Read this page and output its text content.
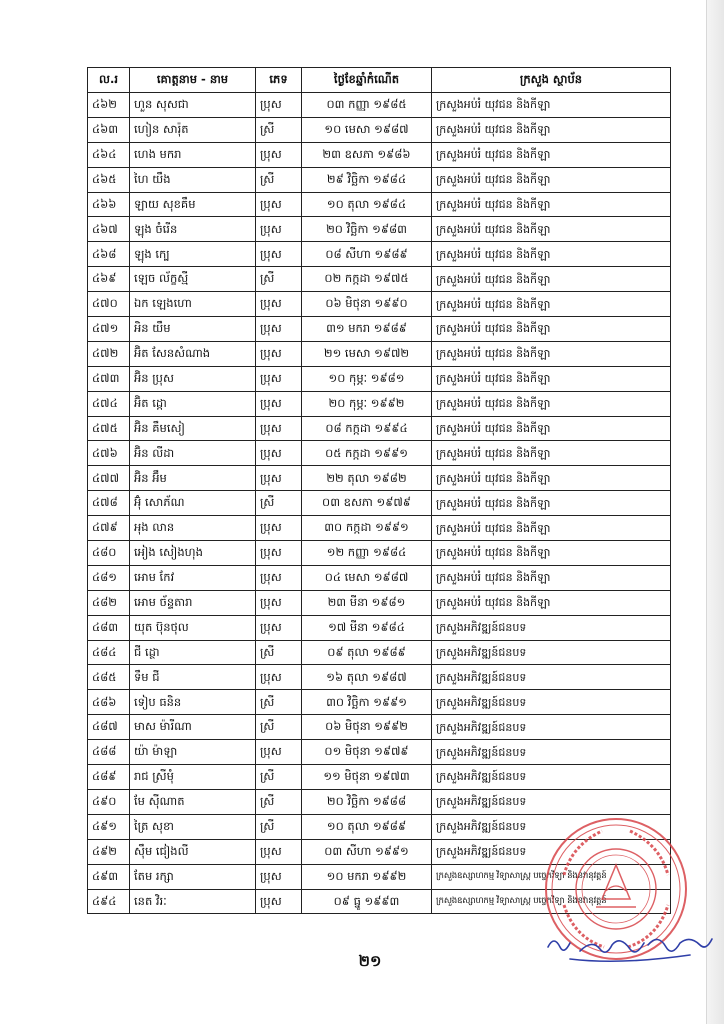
ល.រ	គោត្តនាម - នាម	ភេទ	ថ្ងៃខែឆ្នាំកំណើត	ក្រសួង ស្ថាប័ន
៤៦២	ហួន សុសជា	ប្រុស	០៣ កញ្ញា ១៩៨៥	ក្រសួងអប់រំ យុវជន និងកីឡា
៤៦៣	ហៀន សារ៉ុត	ស្រី	១០ មេសា ១៩៨៧	ក្រសួងអប់រំ យុវជន និងកីឡា
៤៦៤	ហេង មករា	ប្រុស	២៣ ឧសភា ១៩៨៦	ក្រសួងអប់រំ យុវជន និងកីឡា
៤៦៥	ហៃ យឹង	ស្រី	២៩ វិច្ឆិកា ១៩៨៤	ក្រសួងអប់រំ យុវជន និងកីឡា
៤៦៦	ឡាយ សុខគឹម	ប្រុស	១០ តុលា ១៩៨៤	ក្រសួងអប់រំ យុវជន និងកីឡា
៤៦៧	ឡុង ចំរើន	ប្រុស	២០ វិច្ឆិកា ១៩៨៣	ក្រសួងអប់រំ យុវជន និងកីឡា
៤៦៨	ឡុង ក្បេ	ប្រុស	០៨ សីហា ១៩៨៩	ក្រសួងអប់រំ យុវជន និងកីឡា
៤៦៩	ឡេច ល័ក្ខស្មី	ស្រី	០២ កក្កដា ១៩៧៥	ក្រសួងអប់រំ យុវជន និងកីឡា
៤៧០	ឯក ឡេងហោ	ប្រុស	០៦ មិថុនា ១៩៩០	ក្រសួងអប់រំ យុវជន និងកីឡា
៤៧១	អិន យឹម	ប្រុស	៣១ មករា ១៩៨៩	ក្រសួងអប់រំ យុវជន និងកីឡា
៤៧២	អ៊ិត សែនសំណាង	ប្រុស	២១ មេសា ១៩៧២	ក្រសួងអប់រំ យុវជន និងកីឡា
៤៧៣	អ៊ិន ប្រុស	ប្រុស	១០ កុម្ភៈ ១៩៨១	ក្រសួងអប់រំ យុវជន និងកីឡា
៤៧៤	អ៊ិត ដ្កោ	ប្រុស	២០ កុម្ភៈ ១៩៩២	ក្រសួងអប់រំ យុវជន និងកីឡា
៤៧៥	អ៊ិន គឹមសៀ	ប្រុស	០៨ កក្កដា ១៩៩៤	ក្រសួងអប់រំ យុវជន និងកីឡា
៤៧៦	អ៊ិន លីដា	ប្រុស	០៥ កក្កដា ១៩៩១	ក្រសួងអប់រំ យុវជន និងកីឡា
៤៧៧	អ៊ិន អ៊ឹម	ប្រុស	២២ តុលា ១៩៨២	ក្រសួងអប់រំ យុវជន និងកីឡា
៤៧៨	អ៊ុំ សោភ័ណ	ស្រី	០៣ ឧសភា ១៩៧៩	ក្រសួងអប់រំ យុវជន និងកីឡា
៤៧៩	អុង លាន	ប្រុស	៣០ កក្កដា ១៩៩១	ក្រសួងអប់រំ យុវជន និងកីឡា
៤៨០	អៀង សៀងហុង	ប្រុស	១២ កញ្ញា ១៩៨៤	ក្រសួងអប់រំ យុវជន និងកីឡា
៤៨១	អោម កែវ	ប្រុស	០៤ មេសា ១៩៨៧	ក្រសួងអប់រំ យុវជន និងកីឡា
៤៨២	អោម ច័ន្ទតារា	ប្រុស	២៣ មីនា ១៩៨១	ក្រសួងអប់រំ យុវជន និងកីឡា
៤៨៣	យុត ប៊ុនថុល	ប្រុស	១៧ មីនា ១៩៨៤	ក្រសួងអភិវឌ្ឍន៍ជនបទ
៤៨៤	ជី ដ្ថោ	ស្រី	០៩ តុលា ១៩៨៩	ក្រសួងអភិវឌ្ឍន៍ជនបទ
៤៨៥	ទឹម ជី	ប្រុស	១៦ តុលា ១៩៨៧	ក្រសួងអភិវឌ្ឍន៍ជនបទ
៤៨៦	ទៀប ធនិន	ស្រី	៣០ វិច្ឆិកា ១៩៩១	ក្រសួងអភិវឌ្ឍន៍ជនបទ
៤៨៧	មាស ម៉ារីណា	ស្រី	០៦ មិថុនា ១៩៩២	ក្រសួងអភិវឌ្ឍន៍ជនបទ
៤៨៨	យ៉ា ម៉ាឡា	ប្រុស	០១ មិថុនា ១៩៧៩	ក្រសួងអភិវឌ្ឍន៍ជនបទ
៤៨៩	រាជ ស្រីមុំ	ស្រី	១១ មិថុនា ១៩៧៣	ក្រសួងអភិវឌ្ឍន៍ជនបទ
៤៩០	មែ ស៊ីណាត	ស្រី	២០ វិច្ឆិកា ១៩៨៨	ក្រសួងអភិវឌ្ឍន៍ជនបទ
៤៩១	ត្រៃ សុខា	ស្រី	១០ តុលា ១៩៨៩	ក្រសួងអភិវឌ្ឍន៍ជនបទ
៤៩២	ស៊ឹម ជៀងលី	ប្រុស	០៣ សីហា ១៩៩១	ក្រសួងអភិវឌ្ឍន៍ជនបទ
៤៩៣	តែម រក្សា	ប្រុស	១០ មករា ១៩៩២	ក្រសួងឧស្សាហកម្ម វិទ្យាសាស្ត្រ បច្ចេកវិទ្យា និងនវានុវត្តន៍
៤៩៤	នេត វិរៈ	ប្រុស	០៩ ធ្នូ ១៩៩៣	ក្រសួងឧស្សាហកម្ម វិទ្យាសាស្ត្រ បច្ចេកវិទ្យា និងនវានុវត្តន៍
២១
